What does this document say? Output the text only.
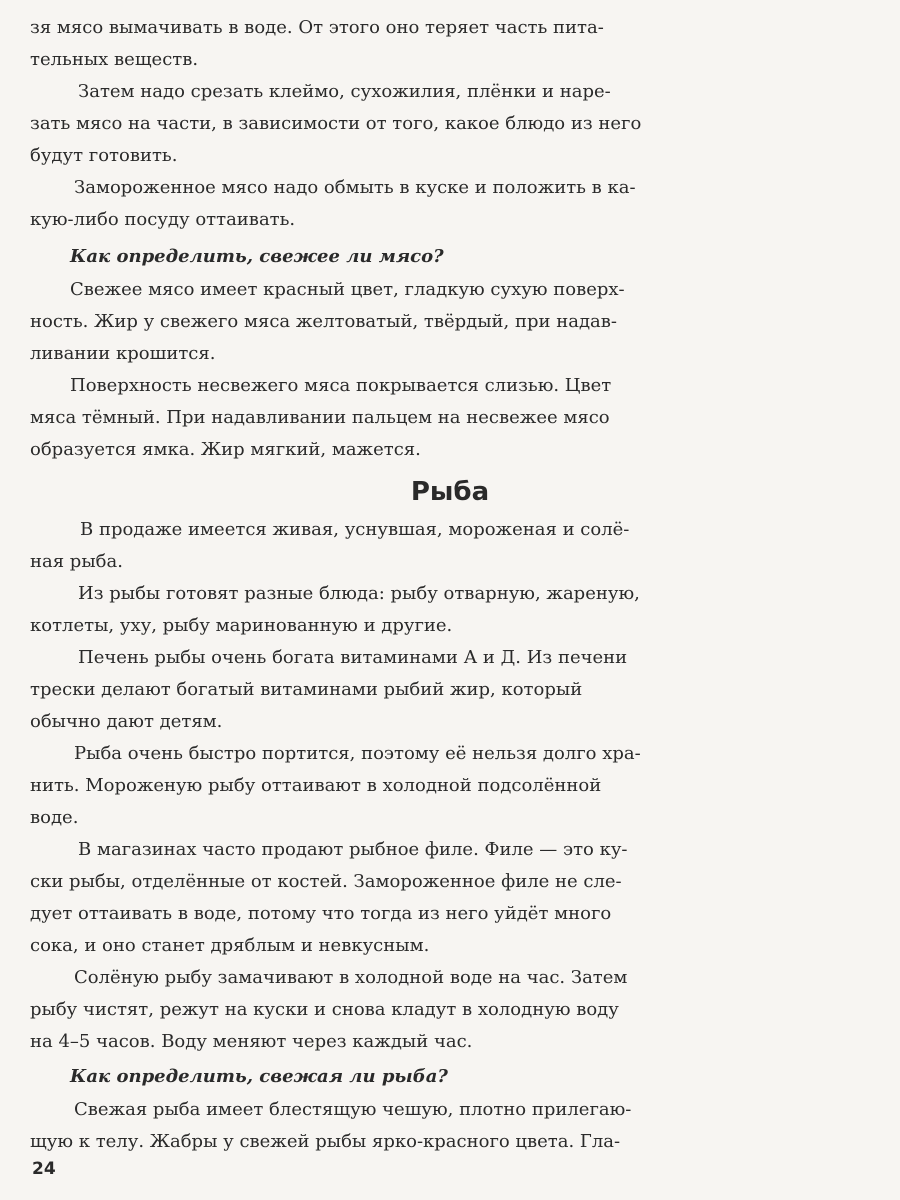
зя мясо вымачивать в воде. От этого оно теряет часть пита-
тельных веществ.
Затем надо срезать клеймо, сухожилия, плёнки и наре-
зать мясо на части, в зависимости от того, какое блюдо из него
будут готовить.
Замороженное мясо надо обмыть в куске и положить в ка-
кую-либо посуду оттаивать.
Как определить, свежее ли мясо?
Свежее мясо имеет красный цвет, гладкую сухую поверх-
ность. Жир у свежего мяса желтоватый, твёрдый, при надав-
ливании крошится.
Поверхность несвежего мяса покрывается слизью. Цвет
мяса тёмный. При надавливании пальцем на несвежее мясо
образуется ямка. Жир мягкий, мажется.
Рыба
В продаже имеется живая, уснувшая, мороженая и солё-
ная рыба.
Из рыбы готовят разные блюда: рыбу отварную, жареную,
котлеты, уху, рыбу маринованную и другие.
Печень рыбы очень богата витаминами А и Д. Из печени
трески делают богатый витаминами рыбий жир, который
обычно дают детям.
Рыба очень быстро портится, поэтому её нельзя долго хра-
нить. Мороженую рыбу оттаивают в холодной подсолённой
воде.
В магазинах часто продают рыбное филе. Филе — это ку-
ски рыбы, отделённые от костей. Замороженное филе не сле-
дует оттаивать в воде, потому что тогда из него уйдёт много
сока, и оно станет дряблым и невкусным.
Солёную рыбу замачивают в холодной воде на час. Затем
рыбу чистят, режут на куски и снова кладут в холодную воду
на 4–5 часов. Воду меняют через каждый час.
Как определить, свежая ли рыба?
Свежая рыба имеет блестящую чешую, плотно прилегаю-
щую к телу. Жабры у свежей рыбы ярко-красного цвета. Гла-
24
